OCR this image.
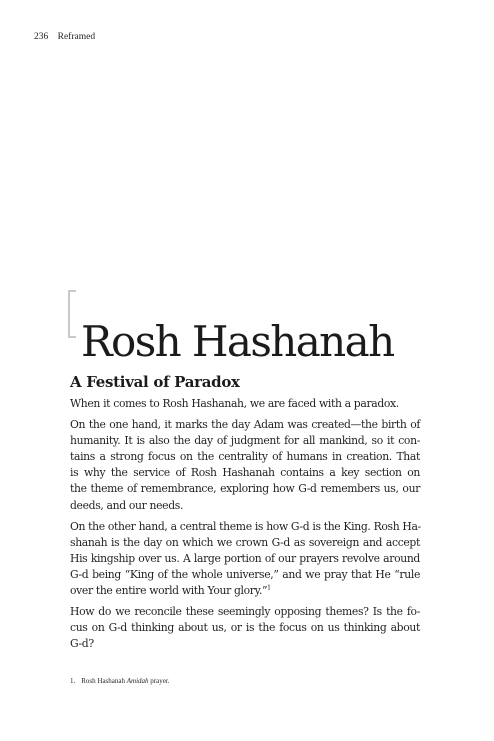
236 Reframed
Rosh Hashanah
A Festival of Paradox

When it comes to Rosh Hashanah, we are faced with a paradox.

On the one hand, it marks the day Adam was created—the birth of
humanity. It is also the day of judgment for all mankind, so it con-
tains a strong focus on the centrality of humans in creation. That
is why the service of Rosh Hashanah contains a key section on
the theme of remembrance, exploring how G-d remembers us, our
deeds, and our needs.

On the other hand, a central theme is how G-d is the King. Rosh Ha-
shanah is the day on which we crown G-d as sovereign and accept
His kingship over us. A large portion of our prayers revolve around
G-d being “King of the whole universe,” and we pray that He “rule
over the entire world with Your glory.”$^1$

How do we reconcile these seemingly opposing themes? Is the fo-
cus on G-d thinking about us, or is the focus on us thinking about
G-d?

1. Rosh Hashanah Amidah prayer.
